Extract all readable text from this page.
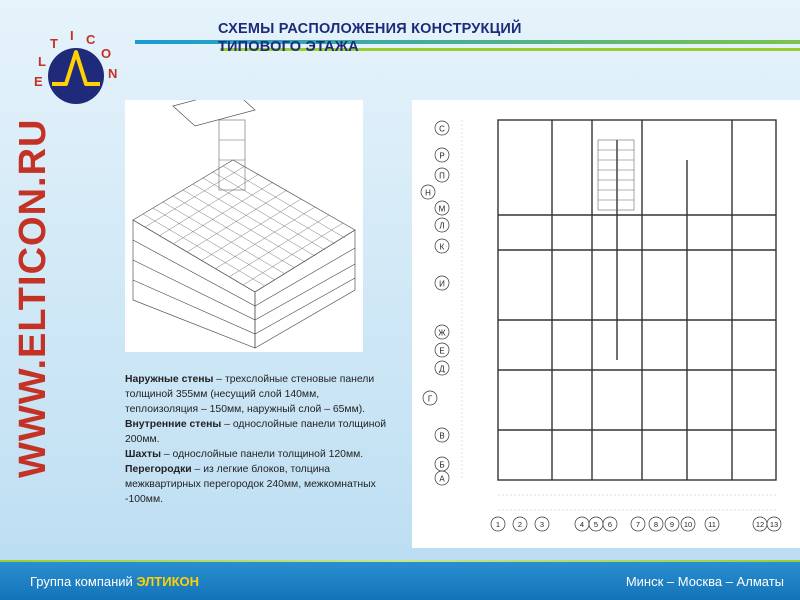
СХЕМЫ РАСПОЛОЖЕНИЯ КОНСТРУКЦИЙ
ТИПОВОГО ЭТАЖА
E
L
T
I C
O
N
WWW.ELTICON.RU	С
Р
П
Н
М
Л
К
И
Ж
Е
Д
Г
В
Б
А
1 2 3	4 5 6	7 8 9 10 11	12 13

Наружные стены – трехслойные стеновые панели толщиной 355мм (несущий слой 140мм, теплоизоляция – 150мм, наружный слой – 65мм).

Внутренние стены – однослойные панели толщиной 200мм.

Шахты – однослойные панели толщиной 120мм.

Перегородки – из легкие блоков, толцина межквартирных перегородок 240мм, межкомнатных -100мм.

Группа компаний ЭЛТИКОН	Минск – Москва – Алматы
